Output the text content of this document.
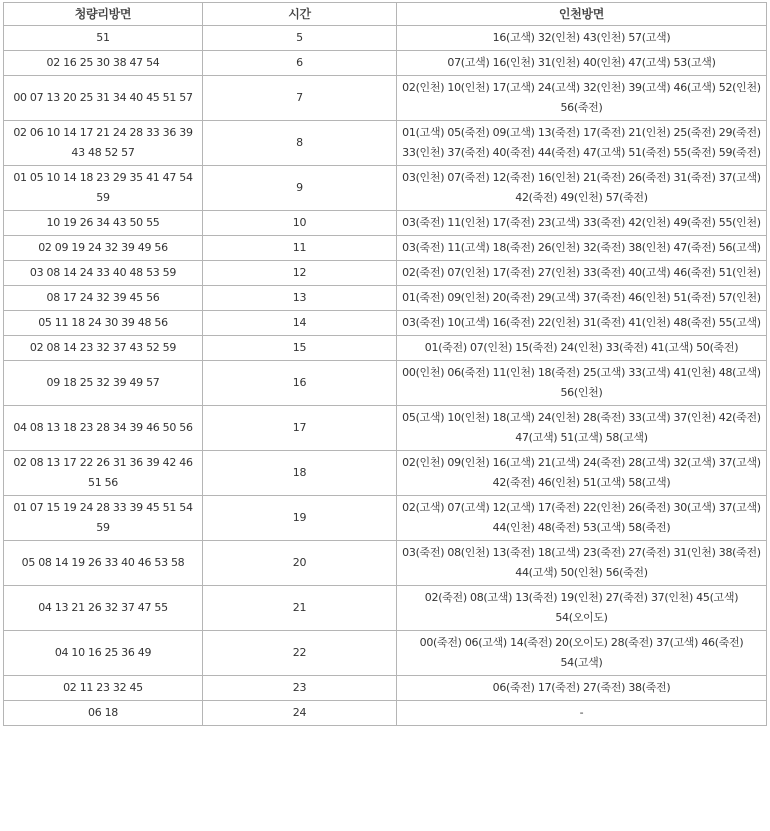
청량리방면	시간	인천방면
51	5	16(고색) 32(인천) 43(인천) 57(고색)
02 16 25 30 38 47 54	6	07(고색) 16(인천) 31(인천) 40(인천) 47(고색) 53(고색)
00 07 13 20 25 31 34 40 45 51 57	7	02(인천) 10(인천) 17(고색) 24(고색) 32(인천) 39(고색) 46(고색) 52(인천) 56(죽전)
02 06 10 14 17 21 24 28 33 36 39 43 48 52 57	8	01(고색) 05(죽전) 09(고색) 13(죽전) 17(죽전) 21(인천) 25(죽전) 29(죽전) 33(인천) 37(죽전) 40(죽전) 44(죽전) 47(고색) 51(죽전) 55(죽전) 59(죽전)
01 05 10 14 18 23 29 35 41 47 54 59	9	03(인천) 07(죽전) 12(죽전) 16(인천) 21(죽전) 26(죽전) 31(죽전) 37(고색) 42(죽전) 49(인천) 57(죽전)
10 19 26 34 43 50 55	10	03(죽전) 11(인천) 17(죽전) 23(고색) 33(죽전) 42(인천) 49(죽전) 55(인천)
02 09 19 24 32 39 49 56	11	03(죽전) 11(고색) 18(죽전) 26(인천) 32(죽전) 38(인천) 47(죽전) 56(고색)
03 08 14 24 33 40 48 53 59	12	02(죽전) 07(인천) 17(죽전) 27(인천) 33(죽전) 40(고색) 46(죽전) 51(인천)
08 17 24 32 39 45 56	13	01(죽전) 09(인천) 20(죽전) 29(고색) 37(죽전) 46(인천) 51(죽전) 57(인천)
05 11 18 24 30 39 48 56	14	03(죽전) 10(고색) 16(죽전) 22(인천) 31(죽전) 41(인천) 48(죽전) 55(고색)
02 08 14 23 32 37 43 52 59	15	01(죽전) 07(인천) 15(죽전) 24(인천) 33(죽전) 41(고색) 50(죽전)
09 18 25 32 39 49 57	16	00(인천) 06(죽전) 11(인천) 18(죽전) 25(고색) 33(고색) 41(인천) 48(고색) 56(인천)
04 08 13 18 23 28 34 39 46 50 56	17	05(고색) 10(인천) 18(고색) 24(인천) 28(죽전) 33(고색) 37(인천) 42(죽전) 47(고색) 51(고색) 58(고색)
02 08 13 17 22 26 31 36 39 42 46 51 56	18	02(인천) 09(인천) 16(고색) 21(고색) 24(죽전) 28(고색) 32(고색) 37(고색) 42(죽전) 46(인천) 51(고색) 58(고색)
01 07 15 19 24 28 33 39 45 51 54 59	19	02(고색) 07(고색) 12(고색) 17(죽전) 22(인천) 26(죽전) 30(고색) 37(고색) 44(인천) 48(죽전) 53(고색) 58(죽전)
05 08 14 19 26 33 40 46 53 58	20	03(죽전) 08(인천) 13(죽전) 18(고색) 23(죽전) 27(죽전) 31(인천) 38(죽전) 44(고색) 50(인천) 56(죽전)
04 13 21 26 32 37 47 55	21	02(죽전) 08(고색) 13(죽전) 19(인천) 27(죽전) 37(인천) 45(고색) 54(오이도)
04 10 16 25 36 49	22	00(죽전) 06(고색) 14(죽전) 20(오이도) 28(죽전) 37(고색) 46(죽전) 54(고색)
02 11 23 32 45	23	06(죽전) 17(죽전) 27(죽전) 38(죽전)
06 18	24	-
